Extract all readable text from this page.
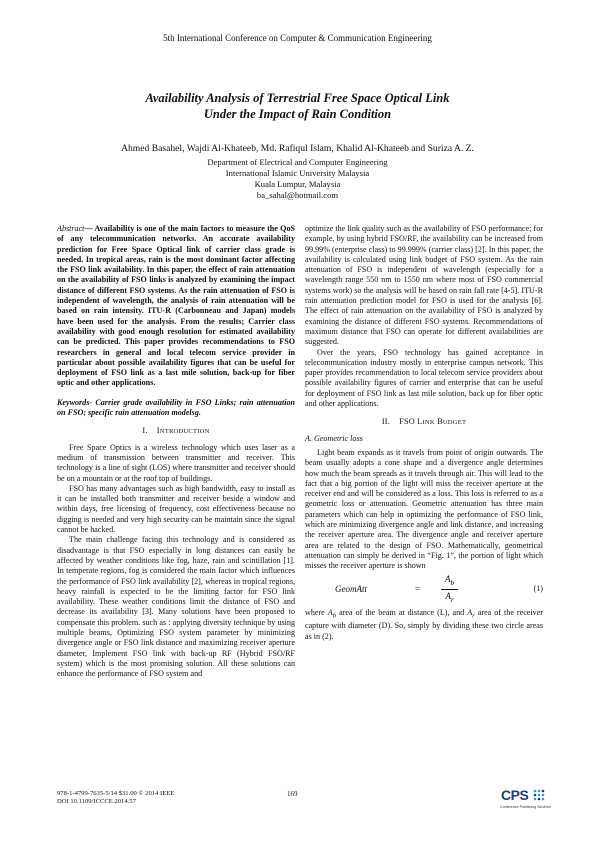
5th International Conference on Computer & Communication Engineering
Availability Analysis of Terrestrial Free Space Optical Link
Under the Impact of Rain Condition
Ahmed Basahel, Wajdi Al-Khateeb, Md. Rafiqul Islam, Khalid Al-Khateeb and Suriza A. Z.
Department of Electrical and Computer Engineering
International Islamic University Malaysia
Kuala Lumpur, Malaysia
ba_sahal@hotmail.com
Abstract— Availability is one of the main factors to measure the QoS of any telecommunication networks. An accurate availability prediction for Free Space Optical link of carrier class grade is needed. In tropical areas, rain is the most dominant factor affecting the FSO link availability. In this paper, the effect of rain attenuation on the availability of FSO links is analyzed by examining the impact distance of different FSO systems. As the rain attenuation of FSO is independent of wavelength, the analysis of rain attenuation will be based on rain intensity. ITU-R (Carbonneau and Japan) models have been used for the analysis. From the results; Carrier class availability with good enough resolution for estimated availability can be predicted. This paper provides recommendations to FSO researchers in general and local telecom service provider in particular about possible availability figures that can be useful for deployment of FSO link as a last mile solution, back-up for fiber optic and other applications.
Keywords- Carrier grade availability in FSO Links; rain attenuation on FSO; specific rain attenuation modelsg.
I. INTRODUCTION

Free Space Optics is a wireless technology which uses laser as a medium of transmission between transmitter and receiver. This technology is a line of sight (LOS) where transmitter and receiver should be on a mountain or at the roof top of buildings.

FSO has many advantages such as high bandwidth, easy to install as it can be installed both transmitter and receiver beside a window and within days, free licensing of frequency, cost effectiveness because no digging is needed and very high security can be maintain since the signal cannot be hacked.

The main challenge facing this technology and is considered as disadvantage is that FSO especially in long distances can easily be affected by weather conditions like fog, haze, rain and scintillation [1]. In temperate regions, fog is considered the main factor which influences the performance of FSO link availability [2], whereas in tropical regions, heavy rainfall is expected to be the limiting factor for FSO link availability. These weather conditions limit the distance of FSO and decrease its availability [3]. Many solutions have been proposed to compensate this problem. such as : applying diversity technique by using multiple beams, Optimizing FSO system parameter by minimizing divergence angle or FSO link distance and maximizing receiver aperture diameter, Implement FSO link with back-up RF (Hybrid FSO/RF system) which is the most promising solution. All these solutions can enhance the performance of FSO system and

optimize the link quality such as the availability of FSO performance; for example, by using hybrid FSO/RF, the availability can be increased from 99.99% (enterprise class) to 99.999% (carrier class) [2]. In this paper, the availability is calculated using link budget of FSO system. As the rain attenuation of FSO is independent of wavelength (especially for a wavelength range 550 nm to 1550 nm where most of FSO commercial systems work) so the analysis will be based on rain fall rate [4-5]. ITU-R rain attenuation prediction model for FSO is used for the analysis [6]. The effect of rain attenuation on the availability of FSO is analyzed by examining the distance of different FSO systems. Recommendations of maximum distance that FSO can operate for different availabilities are suggested.

Over the years, FSO technology has gained acceptance in telecommunication industry mostly in enterprise campus network. This paper provides recommendation to local telecom service providers about possible availability figures of carrier and enterprise that can be useful for deployment of FSO link as last mile solution, back up for fiber optic and other applications.

II. FSO LINK BUDGET
A. Geometric loss

Light beam expands as it travels from point of origin outwards. The beam usually adopts a cone shape and a divergence angle determines how much the beam spreads as it travels through air. This will lead to the fact that a big portion of the light will miss the receiver aperture at the receiver end and will be considered as a loss. This loss is referred to as a geometric loss or attenuation. Geometric attenuation has three main parameters which can help in optimizing the performance of FSO link, which are minimizing divergence angle and link distance, and increasing the receiver aperture area. The divergence angle and receiver aperture area are related to the design of FSO. Mathematically, geometrical attenuation can simply be derived in “Fig. 1”, the portion of light which misses the receiver aperture is shown

GeomAtt	=	$\frac{A_b}{A_r}$	(1)

where $A_b$ area of the beam at distance (L), and $A_r$ area of the receiver capture with diameter (D). So, simply by dividing these two circle areas as in (2).

978-1-4799-7635-5/14 $31.00 © 2014 IEEE
DOI 10.1109/ICCCE.2014.57
169	CPS
Conference Publishing Services
